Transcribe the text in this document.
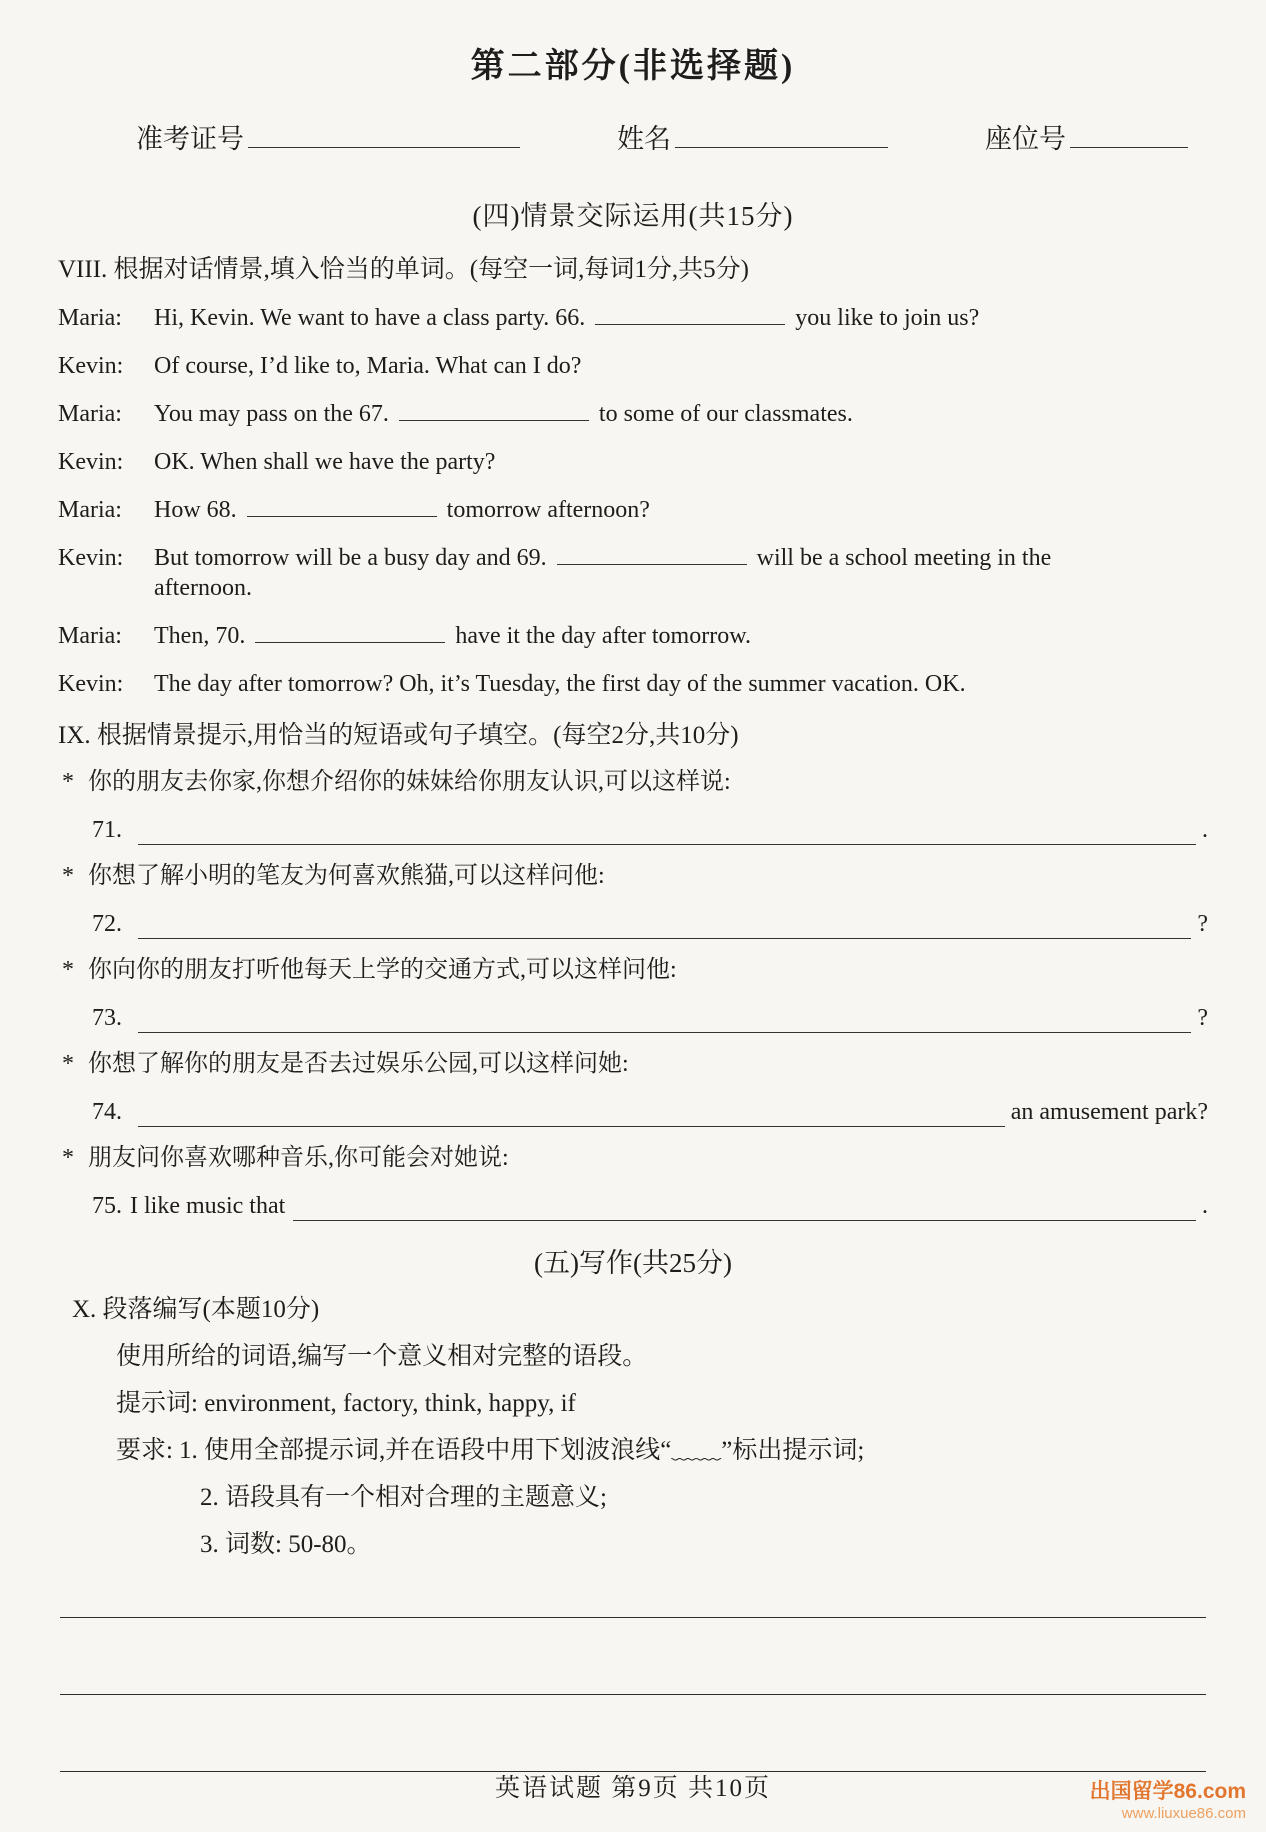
第二部分(非选择题)
准考证号	姓名	座位号
(四)情景交际运用(共15分)
VIII. 根据对话情景,填入恰当的单词。(每空一词,每词1分,共5分)
Maria:	Hi, Kevin. We want to have a class party. 66.	you like to join us?
Kevin:	Of course, I’d like to, Maria. What can I do?
Maria:	You may pass on the 67.	to some of our classmates.
Kevin:	OK. When shall we have the party?
Maria:	How 68.	tomorrow afternoon?
Kevin:	But tomorrow will be a busy day and 69.	will be a school meeting in the
afternoon.
Maria:	Then, 70.	have it the day after tomorrow.
Kevin:	The day after tomorrow? Oh, it’s Tuesday, the first day of the summer vacation. OK.
IX. 根据情景提示,用恰当的短语或句子填空。(每空2分,共10分)
* 你的朋友去你家,你想介绍你的妹妹给你朋友认识,可以这样说:
71.	.
* 你想了解小明的笔友为何喜欢熊猫,可以这样问他:
72.	?
* 你向你的朋友打听他每天上学的交通方式,可以这样问他:
73.	?
* 你想了解你的朋友是否去过娱乐公园,可以这样问她:
74.	an amusement park?
* 朋友问你喜欢哪种音乐,你可能会对她说:
75. I like music that	.
(五)写作(共25分)
X. 段落编写(本题10分)
使用所给的词语,编写一个意义相对完整的语段。
提示词: environment, factory, think, happy, if
要求: 1. 使用全部提示词,并在语段中用下划波浪线“﹏﹏”标出提示词;
2. 语段具有一个相对合理的主题意义;
3. 词数: 50-80。
英语试题 第9页 共10页	出国留学86.com
www.liuxue86.com
